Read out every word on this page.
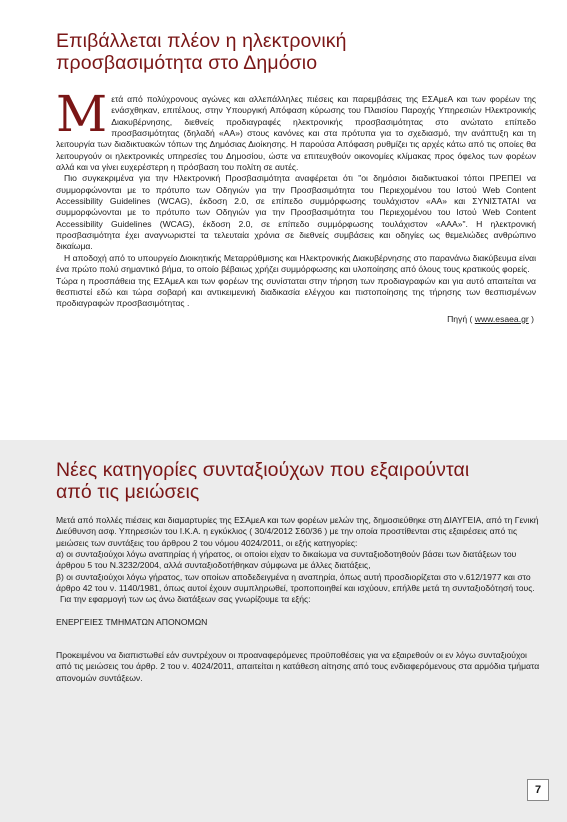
Επιβάλλεται πλέον η ηλεκτρονική
προσβασιμότητα στο Δημόσιο

Μετά από πολύχρονους αγώνες και αλλεπάλληλες πιέσεις και παρεμβάσεις της ΕΣΑμεΑ και των φορέων της ενάσχθηκαν, επιτέλους, στην Υπουργική Απόφαση κύρωσης του Πλαισίου Παροχής Υπηρεσιών Ηλεκτρονικής Διακυβέρνησης, διεθνείς προδιαγραφές ηλεκτρονικής προσβασιμότητας στο ανώτατο επίπεδο προσβασιμότητας (δηλαδή «AA») στους κανόνες και στα πρότυπα για το σχεδιασμό, την ανάπτυξη και τη λειτουργία των διαδικτυακών τόπων της Δημόσιας Διοίκησης. Η παρούσα Απόφαση ρυθμίζει τις αρχές κάτω από τις οποίες θα λειτουργούν οι ηλεκτρονικές υπηρεσίες του Δημοσίου, ώστε να επιτευχθούν οικονομίες κλίμακας προς όφελος των φορέων αλλά και να γίνει ευχερέστερη η πρόσβαση του πολίτη σε αυτές.

Πιο συγκεκριμένα για την Ηλεκτρονική Προσβασιμότητα αναφέρεται ότι "οι δημόσιοι διαδικτυακοί τόποι ΠΡΕΠΕΙ να συμμορφώνονται με το πρότυπο των Οδηγιών για την Προσβασιμότητα του Περιεχομένου του Ιστού Web Content Accessibility Guidelines (WCAG), έκδοση 2.0, σε επίπεδο συμμόρφωσης τουλάχιστον «AA» και ΣΥΝΙΣΤΑΤΑΙ να συμμορφώνονται με το πρότυπο των Οδηγιών για την Προσβασιμότητα του Περιεχομένου του Ιστού Web Content Accessibility Guidelines (WCAG), έκδοση 2.0, σε επίπεδο συμμόρφωσης τουλάχιστον «AAA»". Η ηλεκτρονική προσβασιμότητα έχει αναγνωριστεί τα τελευταία χρόνια σε διεθνείς συμβάσεις και οδηγίες ως θεμελιώδες ανθρώπινο δικαίωμα.

Η αποδοχή από το υπουργείο Διοικητικής Μεταρρύθμισης και Ηλεκτρονικής Διακυβέρνησης στο παρανάνω διακύβευμα είναι ένα πρώτο πολύ σημαντικό βήμα, το οποίο βέβαιως χρήζει συμμόρφωσης και υλοποίησης από όλους τους κρατικούς φορείς.

Τώρα η προσπάθεια της ΕΣΑμεΑ και των φορέων της συνίσταται στην τήρηση των προδιαγραφών και για αυτό απαιτείται να θεσπιστεί εδώ και τώρα σοβαρή και αντικειμενική διαδικασία ελέγχου και πιστοποίησης της τήρησης των θεσπισμένων προδιαγραφών προσβασιμότητας .

Πηγή ( www.esaea.gr )

Νέες κατηγορίες συνταξιούχων που εξαιρούνται
από τις μειώσεις

Μετά από πολλές πιέσεις και διαμαρτυρίες της ΕΣΑμεΑ και των φορέων μελών της, δημοσιεύθηκε στη ΔΙΑΥΓΕΙΑ, από τη Γενική Διεύθυνση ασφ. Υπηρεσιών του Ι.Κ.Α. η εγκύκλιος ( 30/4/2012 Σ60/36 ) με την οποία προστίθενται στις εξαιρέσεις από τις μειώσεις των συντάξεις του άρθρου 2 του νόμου 4024/2011, οι εξής κατηγορίες:

α) οι συνταξιούχοι λόγω αναπηρίας ή γήρατος, οι οποίοι είχαν το δικαίωμα να συνταξιοδοτηθούν βάσει των διατάξεων του άρθρου 5 του Ν.3232/2004, αλλά συνταξιοδοτήθηκαν σύμφωνα με άλλες διατάξεις,

β) οι συνταξιούχοι λόγω γήρατος, των οποίων αποδεδειγμένα η αναπηρία, όπως αυτή προσδιορίζεται στο ν.612/1977 και στο άρθρο 42 του ν. 1140/1981, όπως αυτοί έχουν συμπληρωθεί, τροποποιηθεί και ισχύουν, επήλθε μετά τη συνταξιοδότησή τους.

Για την εφαρμογή των ως άνω διατάξεων σας γνωρίζουμε τα εξής:

ΕΝΕΡΓΕΙΕΣ ΤΜΗΜΑΤΩΝ ΑΠΟΝΟΜΩΝ

Προκειμένου να διαπιστωθεί εάν συντρέχουν οι προαναφερόμενες προϋποθέσεις για να εξαιρεθούν οι εν λόγω συνταξιούχοι από τις μειώσεις του άρθρ. 2 του ν. 4024/2011, απαιτείται η κατάθεση αίτησης από τους ενδιαφερόμενους στα αρμόδια τμήματα απονομών συντάξεων.

7
